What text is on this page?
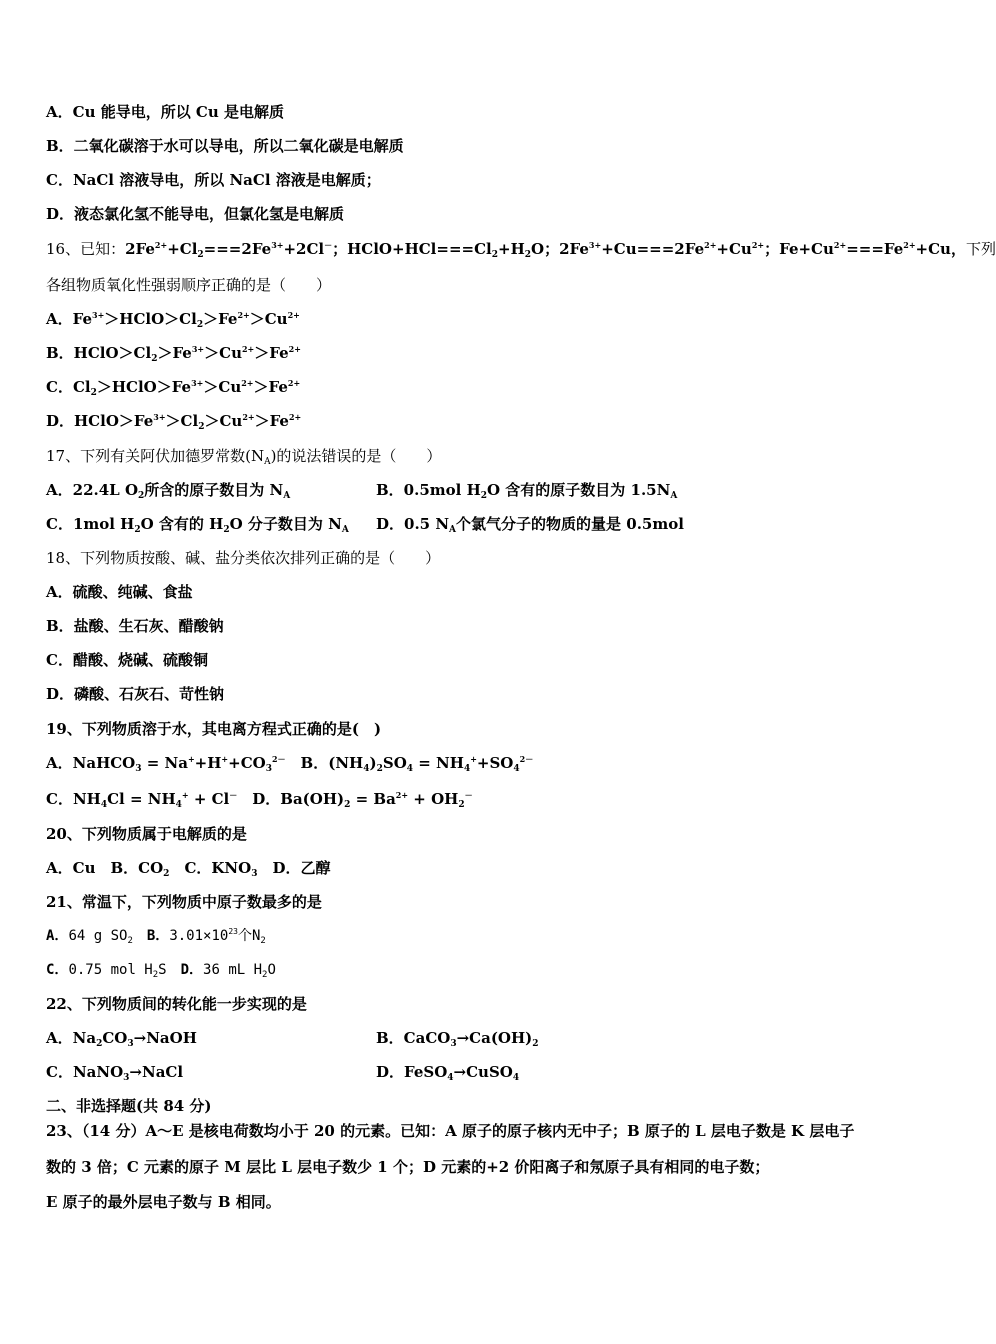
A．Cu 能导电，所以 Cu 是电解质
B．二氧化碳溶于水可以导电，所以二氧化碳是电解质
C．NaCl 溶液导电，所以 NaCl 溶液是电解质；
D．液态氯化氢不能导电，但氯化氢是电解质
16、已知：$2Fe^{2+}+Cl_2===2Fe^{3+}+2Cl^-$；$HClO+HCl===Cl_2+H_2O$；$2Fe^{3+}+Cu===2Fe^{2+}+Cu^{2+}$；$Fe+Cu^{2+}===Fe^{2+}+Cu$，下列
各组物质氧化性强弱顺序正确的是（　　）
A．$Fe^{3+}>HClO>Cl_2>Fe^{2+}>Cu^{2+}$
B．$HClO>Cl_2>Fe^{3+}>Cu^{2+}>Fe^{2+}$
C．$Cl_2>HClO>Fe^{3+}>Cu^{2+}>Fe^{2+}$
D．$HClO>Fe^{3+}>Cl_2>Cu^{2+}>Fe^{2+}$
17、下列有关阿伏加德罗常数$(N_A)$的说法错误的是（　　）
A．22.4L $O_2$所含的原子数目为 $N_A$	B．0.5mol $H_2O$ 含有的原子数目为 $1.5N_A$
C．1mol $H_2O$ 含有的 $H_2O$ 分子数目为 $N_A$ D．0.5 $N_A$个氯气分子的物质的量是 0.5mol
18、下列物质按酸、碱、盐分类依次排列正确的是（　　）
A．硫酸、纯碱、食盐
B．盐酸、生石灰、醋酸钠
C．醋酸、烧碱、硫酸铜
D．磷酸、石灰石、苛性钠
19、下列物质溶于水，其电离方程式正确的是(　)
A．NaHCO$_3$ = $Na^++H^++CO_3^{2-}$　B．$(NH_4)_2SO_4 = NH_4^++SO_4^{2-}$
C．$NH_4Cl = NH_4^+ + Cl^-$　D．$Ba(OH)_2 = Ba^{2+} + OH_2^-$
20、下列物质属于电解质的是
A．Cu　B．$CO_2$　C．$KNO_3$　D．乙醇
21、常温下，下列物质中原子数最多的是
A．64 g $SO_2$　 B．$3.01\times 10^{23}$个$N_2$
C．0.75 mol $H_2S$　D．36 mL $H_2O$
22、下列物质间的转化能一步实现的是
A．$Na_2CO_3\to NaOH$	B．$CaCO_3\to Ca(OH)_2$
C．NaNO$_3$→NaCl	D．FeSO$_4$→CuSO$_4$
二、非选择题(共 84 分)
23、（14 分）A～E 是核电荷数均小于 20 的元素。已知：A 原子的原子核内无中子；B 原子的 L 层电子数是 K 层电子
数的 3 倍；C 元素的原子 M 层比 L 层电子数少 1 个；D 元素的+2 价阳离子和氖原子具有相同的电子数；
E 原子的最外层电子数与 B 相同。
